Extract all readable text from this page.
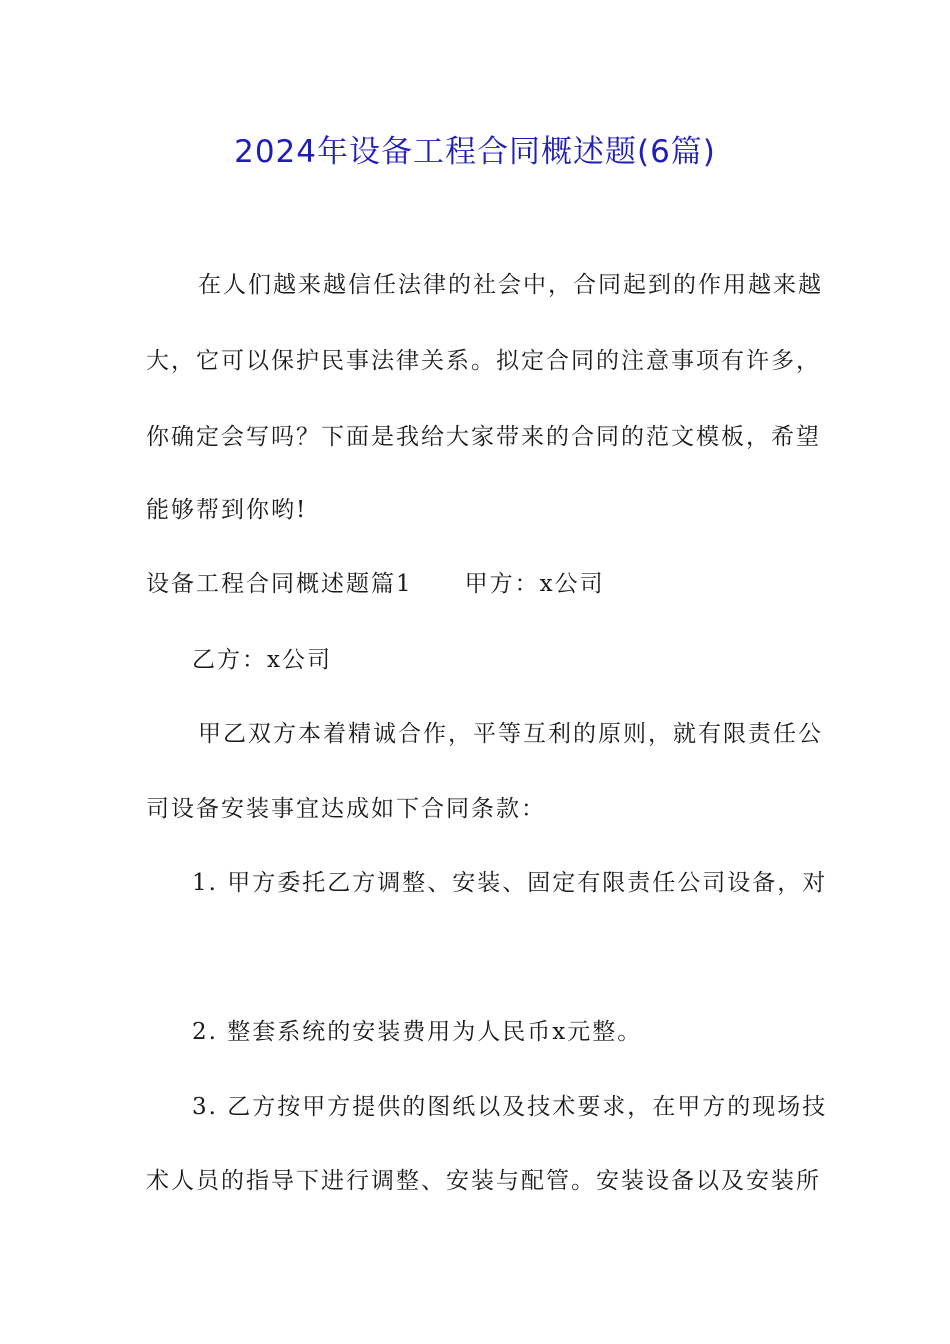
2024年设备工程合同概述题(6篇)
在人们越来越信任法律的社会中，合同起到的作用越来越
大，它可以保护民事法律关系。拟定合同的注意事项有许多，
你确定会写吗？下面是我给大家带来的合同的范文模板，希望
能够帮到你哟!
设备工程合同概述题篇1 甲方：x公司
乙方：x公司
甲乙双方本着精诚合作，平等互利的原则，就有限责任公
司设备安装事宜达成如下合同条款：
1. 甲方委托乙方调整、安装、固定有限责任公司设备，对
2. 整套系统的安装费用为人民币x元整。
3. 乙方按甲方提供的图纸以及技术要求，在甲方的现场技
术人员的指导下进行调整、安装与配管。安装设备以及安装所
